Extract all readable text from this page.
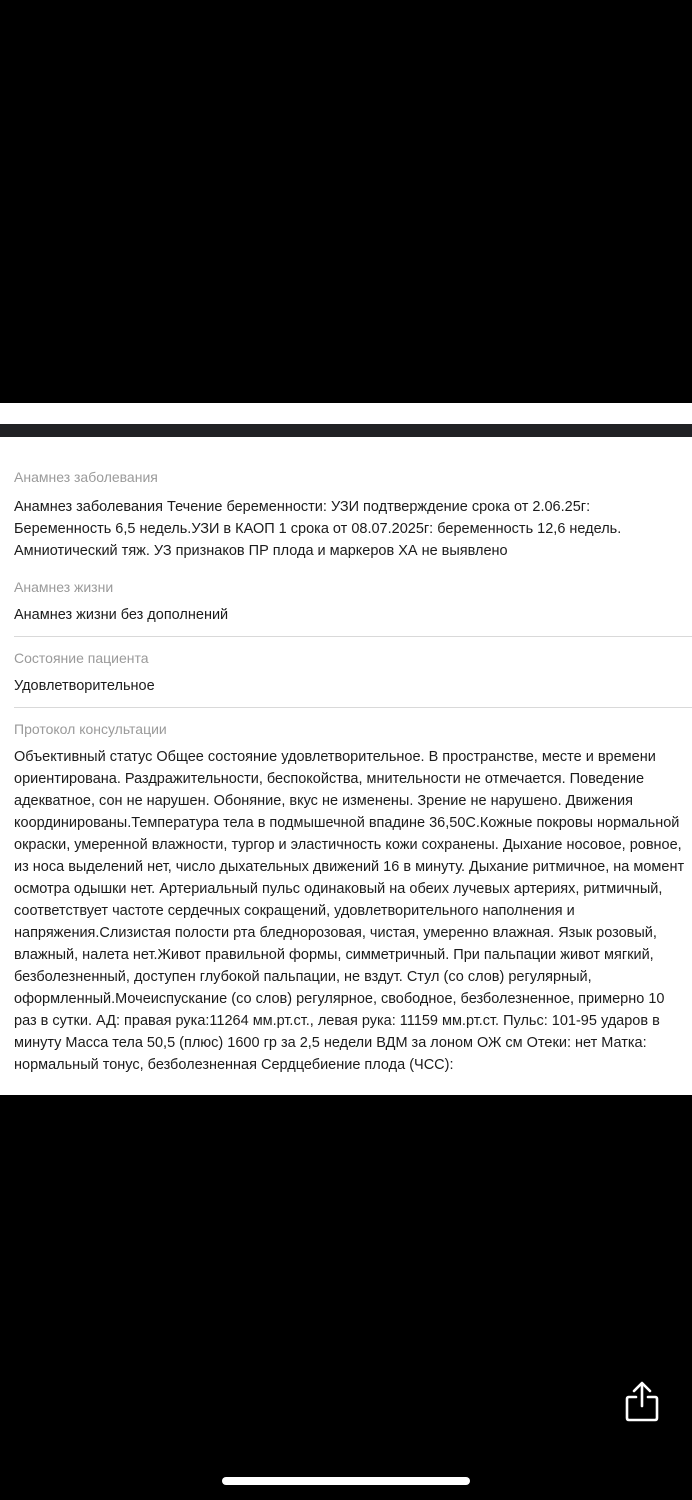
Анамнез заболевания

Анамнез заболевания Течение беременности: УЗИ подтверждение срока от 2.06.25г: Беременность 6,5 недель.УЗИ в КАОП 1 срока от 08.07.2025г: беременность 12,6 недель. Амниотический тяж. УЗ признаков ПР плода и маркеров ХА не выявлено

Анамнез жизни

Анамнез жизни без дополнений

Состояние пациента

Удовлетворительное

Протокол консультации

Объективный статус Общее состояние удовлетворительное. В пространстве, месте и времени ориентирована. Раздражительности, беспокойства, мнительности не отмечается. Поведение адекватное, сон не нарушен. Обоняние, вкус не изменены. Зрение не нарушено. Движения координированы.Температура тела в подмышечной впадине 36,50С.Кожные покровы нормальной окраски, умеренной влажности, тургор и эластичность кожи сохранены. Дыхание носовое, ровное, из носа выделений нет, число дыхательных движений 16 в минуту. Дыхание ритмичное, на момент осмотра одышки нет. Артериальный пульс одинаковый на обеих лучевых артериях, ритмичный, соответствует частоте сердечных сокращений, удовлетворительного наполнения и напряжения.Слизистая полости рта бледнорозовая, чистая, умеренно влажная. Язык розовый, влажный, налета нет.Живот правильной формы, симметричный. При пальпации живот мягкий, безболезненный, доступен глубокой пальпации, не вздут. Стул (со слов) регулярный, оформленный.Мочеиспускание (со слов) регулярное, свободное, безболезненное, примерно 10 раз в сутки. АД: правая рука:11264 мм.рт.ст., левая рука: 11159 мм.рт.ст. Пульс: 101-95 ударов в минуту Масса тела 50,5 (плюс) 1600 гр за 2,5 недели ВДМ за лоном ОЖ см Отеки: нет Матка: нормальный тонус, безболезненная Сердцебиение плода (ЧСС):
